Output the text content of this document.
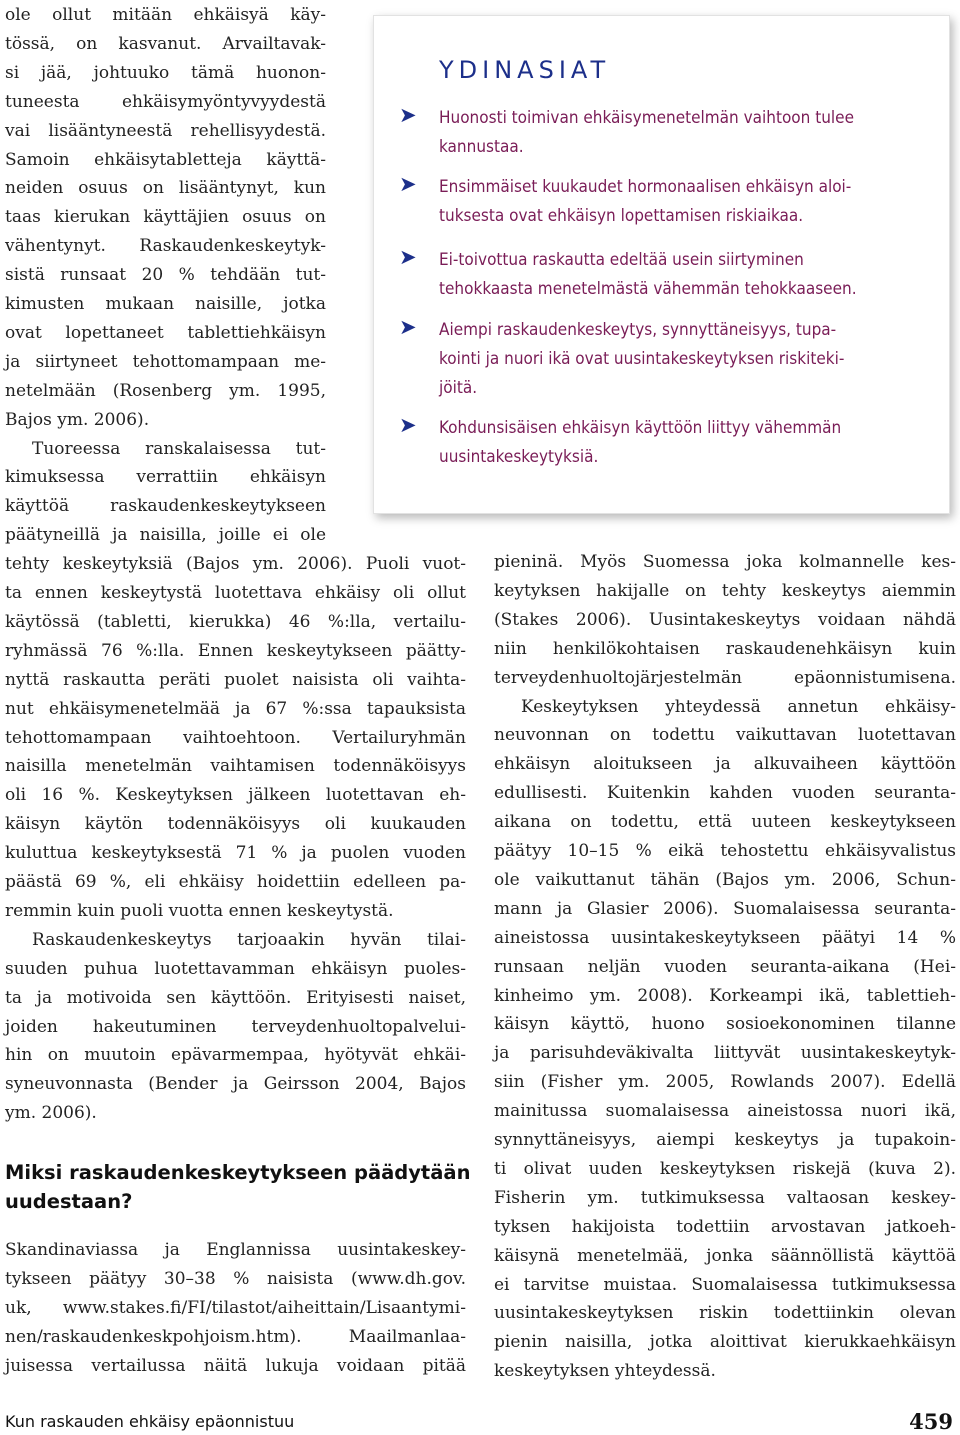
ole ollut mitään ehkäisyä käy-
tössä, on kasvanut. Arvailtavak-
si jää, johtuuko tämä huonon-
tuneesta ehkäisymyöntyvyydestä
vai lisääntyneestä rehellisyydestä.
Samoin ehkäisytabletteja käyttä-
neiden osuus on lisääntynyt, kun
taas kierukan käyttäjien osuus on
vähentynyt. Raskaudenkeskeytyk-
sistä runsaat 20 % tehdään tut-
kimusten mukaan naisille, jotka
ovat lopettaneet tablettiehkäisyn
ja siirtyneet tehottomampaan me-
netelmään (Rosenberg ym. 1995,
Bajos ym. 2006).
Tuoreessa ranskalaisessa tut-
kimuksessa verrattiin ehkäisyn
käyttöä raskaudenkeskeytykseen
päätyneillä ja naisilla, joille ei ole
tehty keskeytyksiä (Bajos ym. 2006). Puoli vuot-
ta ennen keskeytystä luotettava ehkäisy oli ollut
käytössä (tabletti, kierukka) 46 %:lla, vertailu-
ryhmässä 76 %:lla. Ennen keskeytykseen päätty-
nyttä raskautta peräti puolet naisista oli vaihta-
nut ehkäisymenetelmää ja 67 %:ssa tapauksista
tehottomampaan vaihtoehtoon. Vertailuryhmän
naisilla menetelmän vaihtamisen todennäköisyys
oli 16 %. Keskeytyksen jälkeen luotettavan eh-
käisyn käytön todennäköisyys oli kuukauden
kuluttua keskeytyksestä 71 % ja puolen vuoden
päästä 69 %, eli ehkäisy hoidettiin edelleen pa-
remmin kuin puoli vuotta ennen keskeytystä.
Raskaudenkeskeytys tarjoaakin hyvän tilai-
suuden puhua luotettavamman ehkäisyn puoles-
ta ja motivoida sen käyttöön. Erityisesti naiset,
joiden hakeutuminen terveydenhuoltopalvelui-
hin on muutoin epävarmempaa, hyötyvät ehkäi-
syneuvonnasta (Bender ja Geirsson 2004, Bajos
ym. 2006).
Skandinaviassa ja Englannissa uusintakeskey-
tykseen päätyy 30–38 % naisista (www.dh.gov.
uk, www.stakes.fi/FI/tilastot/aiheittain/Lisaantymi-
nen/raskaudenkeskpohjoism.htm). Maailmanlaa-
juisessa vertailussa näitä lukuja voidaan pitää
YDINASIAT
➤ Huonosti toimivan ehkäisymenetelmän vaihtoon tulee
kannustaa.
➤ Ensimmäiset kuukaudet hormonaalisen ehkäisyn aloi-
tuksesta ovat ehkäisyn lopettamisen riskiaikaa.
➤ Ei-toivottua raskautta edeltää usein siirtyminen
tehokkaasta menetelmästä vähemmän tehokkaaseen.
➤ Aiempi raskaudenkeskeytys, synnyttäneisyys, tupa-
kointi ja nuori ikä ovat uusintakeskeytyksen riskiteki-
jöitä.
➤ Kohdunsisäisen ehkäisyn käyttöön liittyy vähemmän
uusintakeskeytyksiä.
pieninä. Myös Suomessa joka kolmannelle kes-
keytyksen hakijalle on tehty keskeytys aiemmin
(Stakes 2006). Uusintakeskeytys voidaan nähdä
niin henkilökohtaisen raskaudenehkäisyn kuin
terveydenhuoltojärjestelmän epäonnistumisena.
Keskeytyksen yhteydessä annetun ehkäisy-
neuvonnan on todettu vaikuttavan luotettavan
ehkäisyn aloitukseen ja alkuvaiheen käyttöön
edullisesti. Kuitenkin kahden vuoden seuranta-
aikana on todettu, että uuteen keskeytykseen
päätyy 10–15 % eikä tehostettu ehkäisyvalistus
ole vaikuttanut tähän (Bajos ym. 2006, Schun-
mann ja Glasier 2006). Suomalaisessa seuranta-
aineistossa uusintakeskeytykseen päätyi 14 %
runsaan neljän vuoden seuranta-aikana (Hei-
kinheimo ym. 2008). Korkeampi ikä, tablettieh-
käisyn käyttö, huono sosioekonominen tilanne
ja parisuhdeväkivalta liittyvät uusintakeskeytyk-
siin (Fisher ym. 2005, Rowlands 2007). Edellä
mainitussa suomalaisessa aineistossa nuori ikä,
synnyttäneisyys, aiempi keskeytys ja tupakoin-
ti olivat uuden keskeytyksen riskejä (kuva 2).
Fisherin ym. tutkimuksessa valtaosan keskey-
tyksen hakijoista todettiin arvostavan jatkoeh-
käisynä menetelmää, jonka säännöllistä käyttöä
ei tarvitse muistaa. Suomalaisessa tutkimuksessa
uusintakeskeytyksen riskin todettiinkin olevan
pienin naisilla, jotka aloittivat kierukkaehkäisyn
keskeytyksen yhteydessä.
Miksi raskaudenkeskeytykseen päädytään
uudestaan?
Kun raskauden ehkäisy epäonnistuu	459
